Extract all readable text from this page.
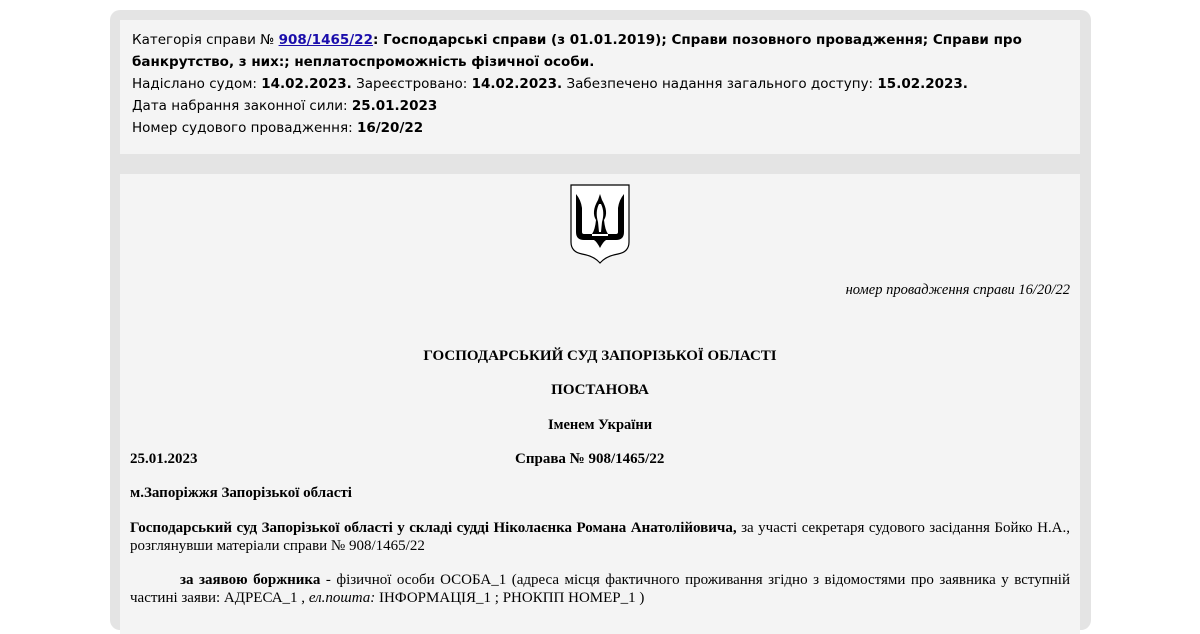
Категорія справи № 908/1465/22: Господарські справи (з 01.01.2019); Справи позовного провадження; Справи про банкрутство, з них:; неплатоспроможність фізичної особи.

Надіслано судом: 14.02.2023. Зареєстровано: 14.02.2023. Забезпечено надання загального доступу: 15.02.2023.

Дата набрання законної сили: 25.01.2023

Номер судового провадження: 16/20/22

номер провадження справи 16/20/22
ГОСПОДАРСЬКИЙ СУД ЗАПОРІЗЬКОЇ ОБЛАСТІ
ПОСТАНОВА
Іменем України
25.01.2023	Справа № 908/1465/22
м.Запоріжжя Запорізької області

Господарський суд Запорізької області у складі судді Ніколаєнка Романа Анатолійовича, за участі секретаря судового засідання Бойко Н.А., розглянувши матеріали справи № 908/1465/22

за заявою боржника - фізичної особи ОСОБА_1 (адреса місця фактичного проживання згідно з відомостями про заявника у вступній частині заяви: АДРЕСА_1 , ел.пошта: ІНФОРМАЦІЯ_1 ; РНОКПП НОМЕР_1 )
